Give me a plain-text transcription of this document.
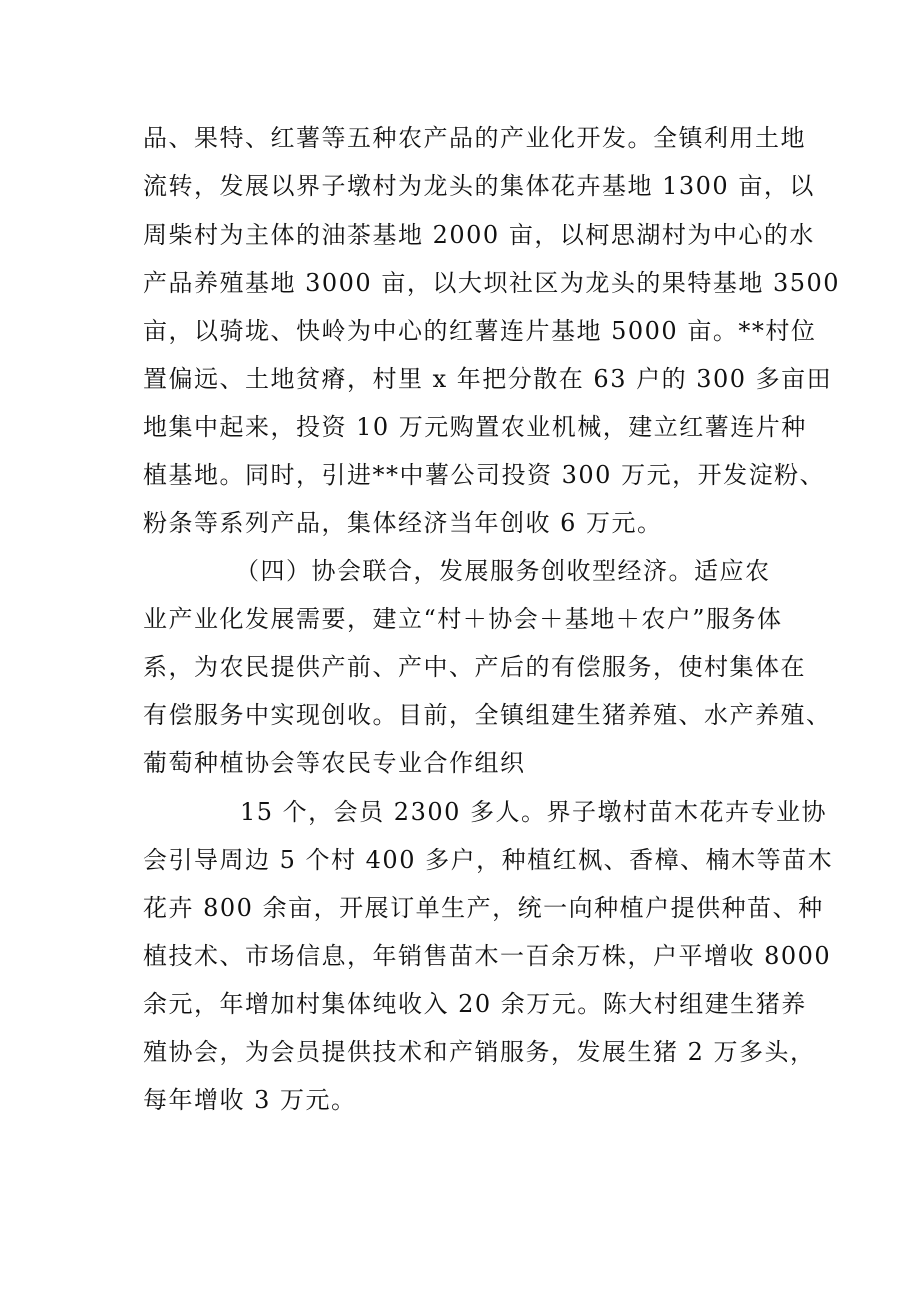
品、果特、红薯等五种农产品的产业化开发。全镇利用土地
流转，发展以界子墩村为龙头的集体花卉基地 1300 亩，以
周柴村为主体的油茶基地 2000 亩，以柯思湖村为中心的水
产品养殖基地 3000 亩，以大坝社区为龙头的果特基地 3500
亩，以骑垅、快岭为中心的红薯连片基地 5000 亩。**村位
置偏远、土地贫瘠，村里 x 年把分散在 63 户的 300 多亩田
地集中起来，投资 10 万元购置农业机械，建立红薯连片种
植基地。同时，引进**中薯公司投资 300 万元，开发淀粉、
粉条等系列产品，集体经济当年创收 6 万元。
（四）协会联合，发展服务创收型经济。适应农
业产业化发展需要，建立“村＋协会＋基地＋农户”服务体
系，为农民提供产前、产中、产后的有偿服务，使村集体在
有偿服务中实现创收。目前，全镇组建生猪养殖、水产养殖、
葡萄种植协会等农民专业合作组织
15 个，会员 2300 多人。界子墩村苗木花卉专业协
会引导周边 5 个村 400 多户，种植红枫、香樟、楠木等苗木
花卉 800 余亩，开展订单生产，统一向种植户提供种苗、种
植技术、市场信息，年销售苗木一百余万株，户平增收 8000
余元，年增加村集体纯收入 20 余万元。陈大村组建生猪养
殖协会，为会员提供技术和产销服务，发展生猪 2 万多头，
每年增收 3 万元。
